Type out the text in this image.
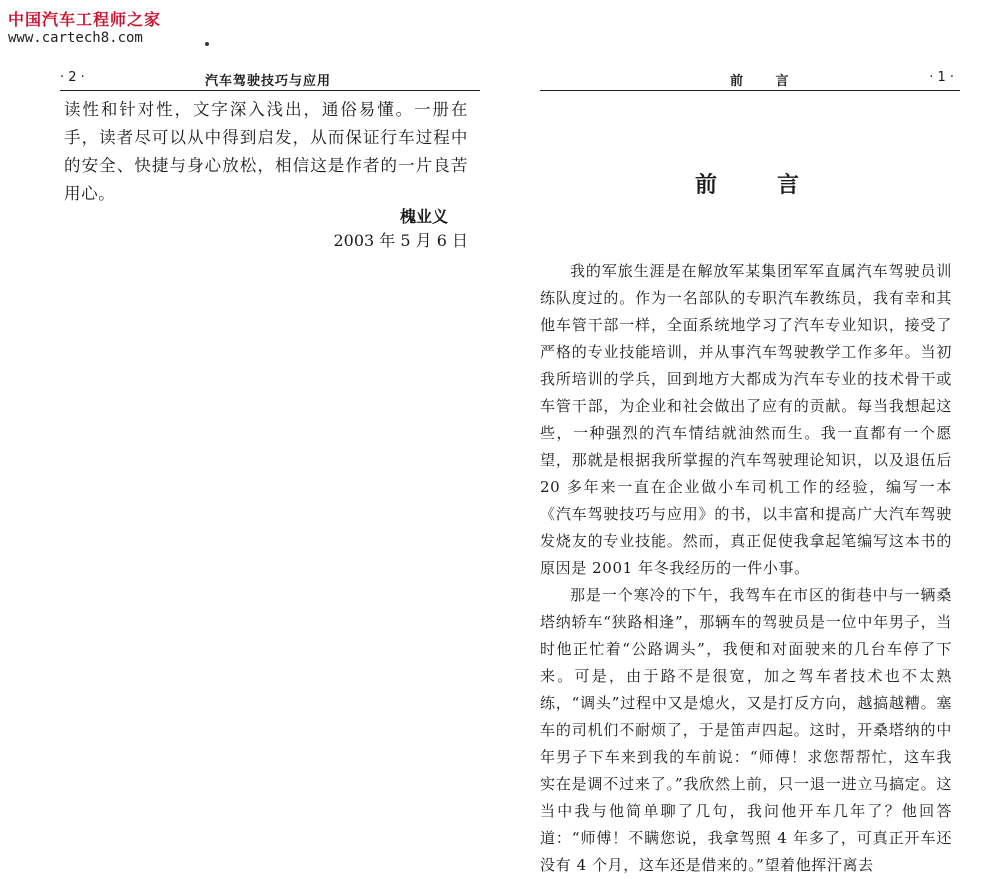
中国汽车工程师之家
www.cartech8.com
· 2 ·	汽车驾驶技巧与应用

读性和针对性，文字深入浅出，通俗易懂。一册在手，读者尽可以从中得到启发，从而保证行车过程中的安全、快捷与身心放松，相信这是作者的一片良苦用心。

槐业义
2003 年 5 月 6 日
前 言	· 1 ·
前言

我的军旅生涯是在解放军某集团军军直属汽车驾驶员训练队度过的。作为一名部队的专职汽车教练员，我有幸和其他车管干部一样，全面系统地学习了汽车专业知识，接受了严格的专业技能培训，并从事汽车驾驶教学工作多年。当初我所培训的学兵，回到地方大都成为汽车专业的技术骨干或车管干部，为企业和社会做出了应有的贡献。每当我想起这些，一种强烈的汽车情结就油然而生。我一直都有一个愿望，那就是根据我所掌握的汽车驾驶理论知识，以及退伍后 20 多年来一直在企业做小车司机工作的经验，编写一本《汽车驾驶技巧与应用》的书，以丰富和提高广大汽车驾驶发烧友的专业技能。然而，真正促使我拿起笔编写这本书的原因是 2001 年冬我经历的一件小事。

那是一个寒冷的下午，我驾车在市区的街巷中与一辆桑塔纳轿车“狭路相逢”，那辆车的驾驶员是一位中年男子，当时他正忙着“公路调头”，我便和对面驶来的几台车停了下来。可是，由于路不是很宽，加之驾车者技术也不太熟练，“调头”过程中又是熄火，又是打反方向，越搞越糟。塞车的司机们不耐烦了，于是笛声四起。这时，开桑塔纳的中年男子下车来到我的车前说：“师傅！求您帮帮忙，这车我实在是调不过来了。”我欣然上前，只一退一进立马搞定。这当中我与他简单聊了几句，我问他开车几年了？他回答道：“师傅！不瞒您说，我拿驾照 4 年多了，可真正开车还没有 4 个月，这车还是借来的。”望着他挥汗离去
